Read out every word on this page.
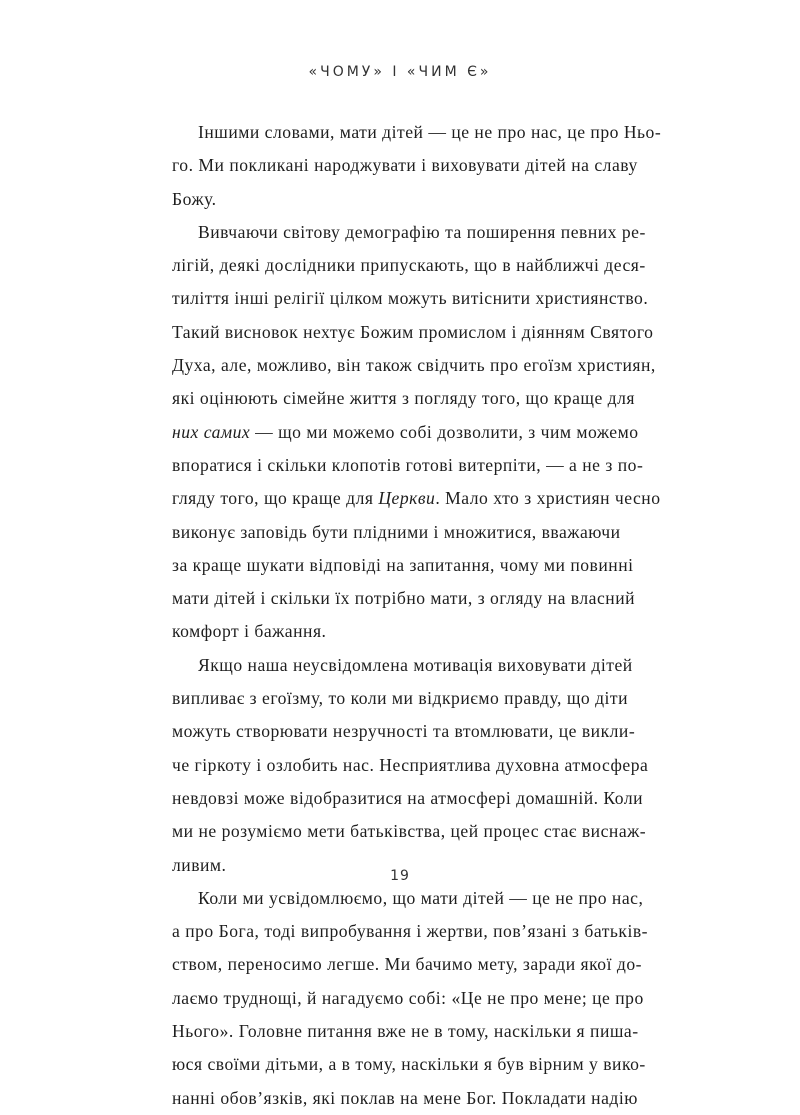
«ЧОМУ» І «ЧИМ Є»
Іншими словами, мати дітей — це не про нас, це про Ньо-
го. Ми покликані народжувати і виховувати дітей на славу
Божу.
Вивчаючи світову демографію та поширення певних ре-
лігій, деякі дослідники припускають, що в найближчі деся-
тиліття інші релігії цілком можуть витіснити християнство.
Такий висновок нехтує Божим промислом і діянням Святого
Духа, але, можливо, він також свідчить про егоїзм християн,
які оцінюють сімейне життя з погляду того, що краще для
них самих — що ми можемо собі дозволити, з чим можемо
впоратися і скільки клопотів готові витерпіти, — а не з по-
гляду того, що краще для Церкви. Мало хто з християн чесно
виконує заповідь бути плідними і множитися, вважаючи
за краще шукати відповіді на запитання, чому ми повинні
мати дітей і скільки їх потрібно мати, з огляду на власний
комфорт і бажання.
Якщо наша неусвідомлена мотивація виховувати дітей
випливає з егоїзму, то коли ми відкриємо правду, що діти
можуть створювати незручності та втомлювати, це викли-
че гіркоту і озлобить нас. Несприятлива духовна атмосфера
невдовзі може відобразитися на атмосфері домашній. Коли
ми не розуміємо мети батьківства, цей процес стає виснаж-
ливим.
Коли ми усвідомлюємо, що мати дітей — це не про нас,
а про Бога, тоді випробування і жертви, пов’язані з батьків-
ством, переносимо легше. Ми бачимо мету, заради якої до-
лаємо труднощі, й нагадуємо собі: «Це не про мене; це про
Нього». Головне питання вже не в тому, наскільки я пиша-
юся своїми дітьми, а в тому, наскільки я був вірним у вико-
нанні обов’язків, які поклав на мене Бог. Покладати надію
19
